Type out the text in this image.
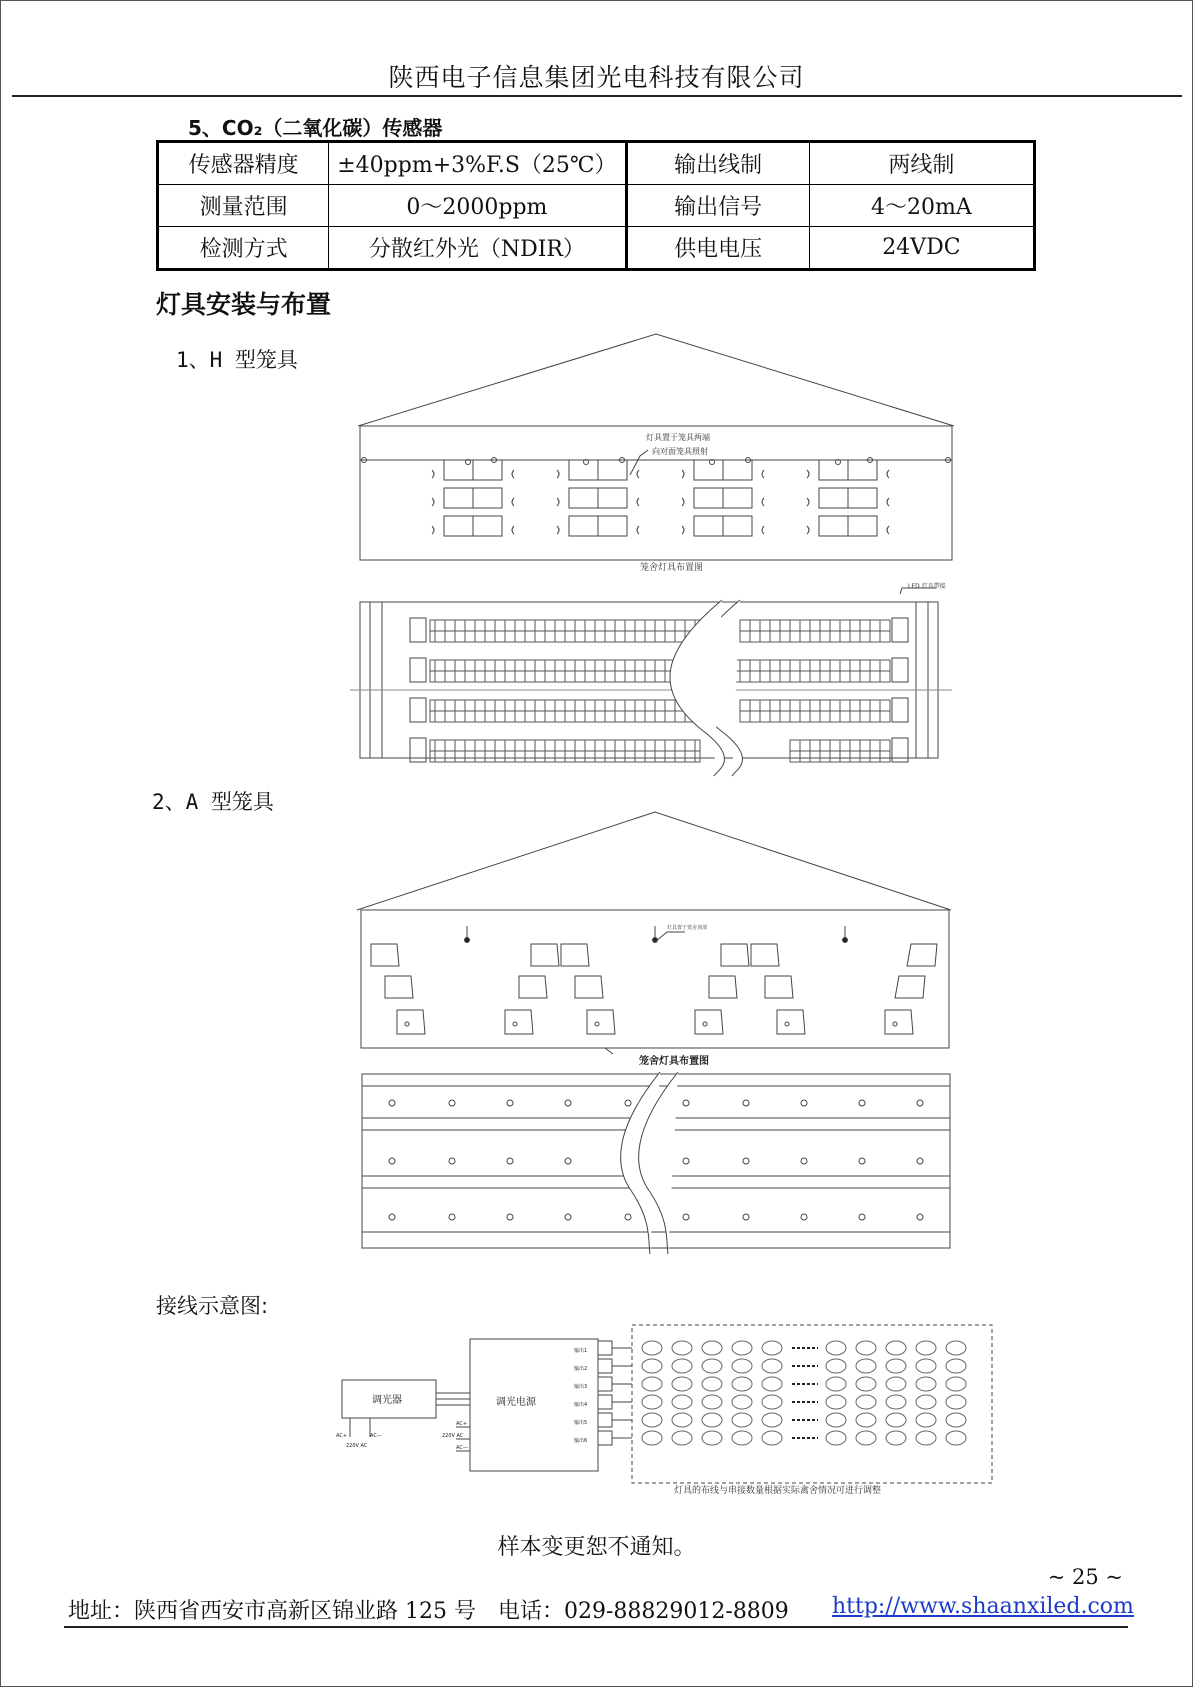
陕西电子信息集团光电科技有限公司
5、CO₂（二氧化碳）传感器
传感器精度	±40ppm+3%F.S（25℃）	输出线制	两线制
测量范围	0～2000ppm	输出信号	4～20mA
检测方式	分散红外光（NDIR）	供电电压	24VDC
灯具安装与布置
1、H 型笼具
灯具置于笼具两端
向对面笼具照射
笼舍灯具布置图
LED 灯具带接
2、A 型笼具
灯具置于笼舍顶部
笼舍灯具布置图
接线示意图:
调光器	调光电源
输出1
输出2
输出3
输出4
输出5
输出6
AC+	AC—
220V AC
AC+
220V AC
AC—
灯具的布线与串接数量根据实际禽舍情况可进行调整
样本变更恕不通知。
~ 25 ~
地址：陕西省西安市高新区锦业路 125 号　电话：029-88829012-8809 http://www.shaanxiled.com
